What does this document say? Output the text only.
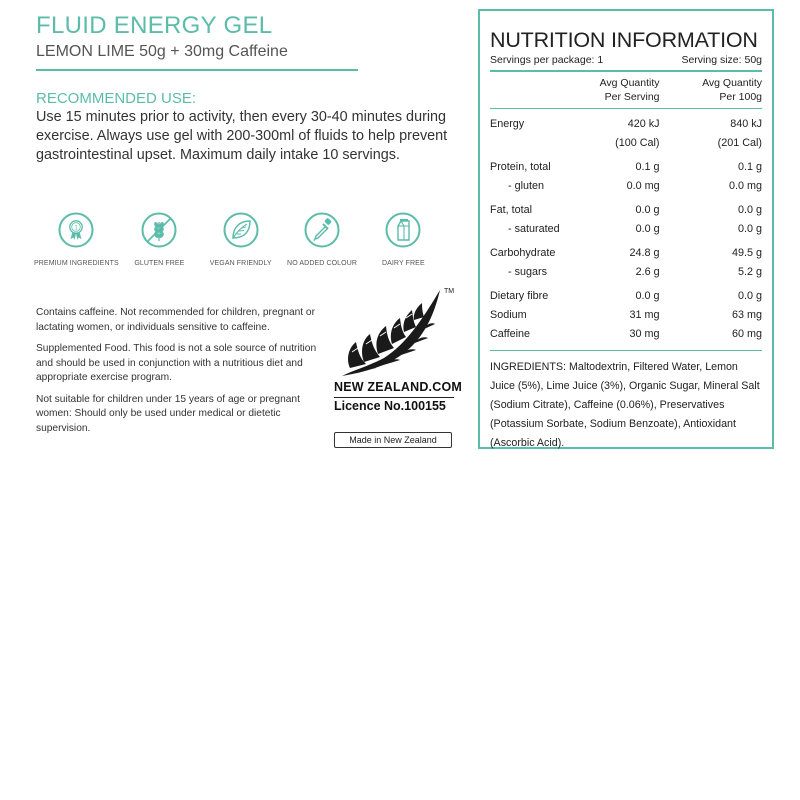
FLUID ENERGY GEL
LEMON LIME 50g + 30mg Caffeine
RECOMMENDED USE:
Use 15 minutes prior to activity, then every 30-40 minutes during exercise. Always use gel with 200-300ml of fluids to help prevent gastrointestinal upset. Maximum daily intake 10 servings.
1
PREMIUM INGREDIENTS GLUTEN FREE	VEGAN FRIENDLY NO ADDED COLOUR	DAIRY FREE

Contains caffeine. Not recommended for children, pregnant or lactating women, or individuals sensitive to caffeine.

Supplemented Food. This food is not a sole source of nutrition and should be used in conjunction with a nutritious diet and appropriate exercise program.

Not suitable for children under 15 years of age or pregnant women: Should only be used under medical or dietetic supervision.

TM
NEW ZEALAND.COM
Licence No.100155
Made in New Zealand
NUTRITION INFORMATION
Servings per package: 1	Serving size: 50g
Avg Quantity
Per Serving
Avg Quantity
Per 100g
Energy	420 kJ	840 kJ
(100 Cal)	(201 Cal)
Protein, total	0.1 g	0.1 g
- gluten	0.0 mg	0.0 mg
Fat, total	0.0 g	0.0 g
- saturated	0.0 g	0.0 g
Carbohydrate	24.8 g	49.5 g
- sugars	2.6 g	5.2 g
Dietary fibre	0.0 g	0.0 g
Sodium	31 mg	63 mg
Caffeine	30 mg	60 mg
INGREDIENTS: Maltodextrin, Filtered Water, Lemon Juice (5%), Lime Juice (3%), Organic Sugar, Mineral Salt (Sodium Citrate), Caffeine (0.06%), Preservatives (Potassium Sorbate, Sodium Benzoate), Antioxidant (Ascorbic Acid).
